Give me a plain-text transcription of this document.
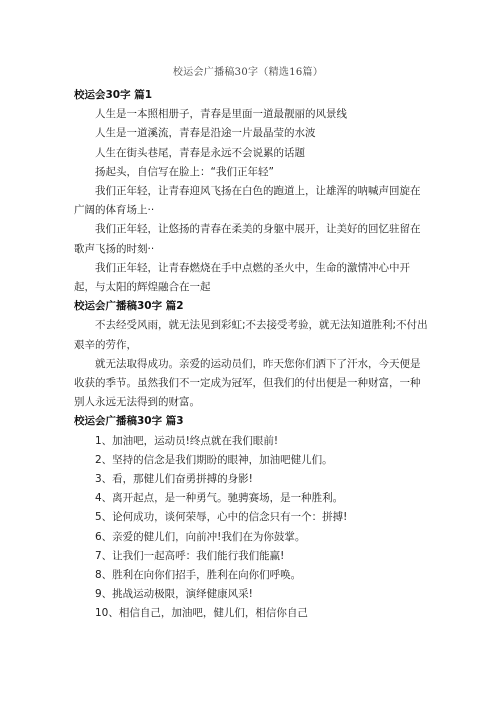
校运会广播稿30字（精选16篇）
校运会30字 篇1
人生是一本照相册子，青春是里面一道最靓丽的风景线
人生是一道溪流，青春是沿途一片最晶莹的水波
人生在街头巷尾，青春是永远不会说累的话题
扬起头，自信写在脸上：“我们正年轻”
我们正年轻，让青春迎风飞扬在白色的跑道上，让雄浑的呐喊声回旋在广阔的体育场上··
我们正年轻，让悠扬的青春在柔美的身躯中展开，让美好的回忆驻留在歌声飞扬的时刻··
我们正年轻，让青春燃烧在手中点燃的圣火中，生命的激情冲心中开起，与太阳的辉煌融合在一起
校运会广播稿30字 篇2
不去经受风雨，就无法见到彩虹;不去接受考验，就无法知道胜利;不付出艰辛的劳作，
就无法取得成功。亲爱的运动员们，昨天您你们洒下了汗水，今天便是收获的季节。虽然我们不一定成为冠军，但我们的付出便是一种财富，一种别人永远无法得到的财富。
校运会广播稿30字 篇3
1、加油吧，运动员!终点就在我们眼前!
2、坚持的信念是我们期盼的眼神，加油吧健儿们。
3、看，那健儿们奋勇拼搏的身影!
4、离开起点，是一种勇气。驰骋赛场，是一种胜利。
5、论何成功，谈何荣辱，心中的信念只有一个：拼搏!
6、亲爱的健儿们，向前冲!我们在为你鼓掌。
7、让我们一起高呼：我们能行我们能赢!
8、胜利在向你们招手，胜利在向你们呼唤。
9、挑战运动极限，演绎健康风采!
10、相信自己，加油吧，健儿们，相信你自己
